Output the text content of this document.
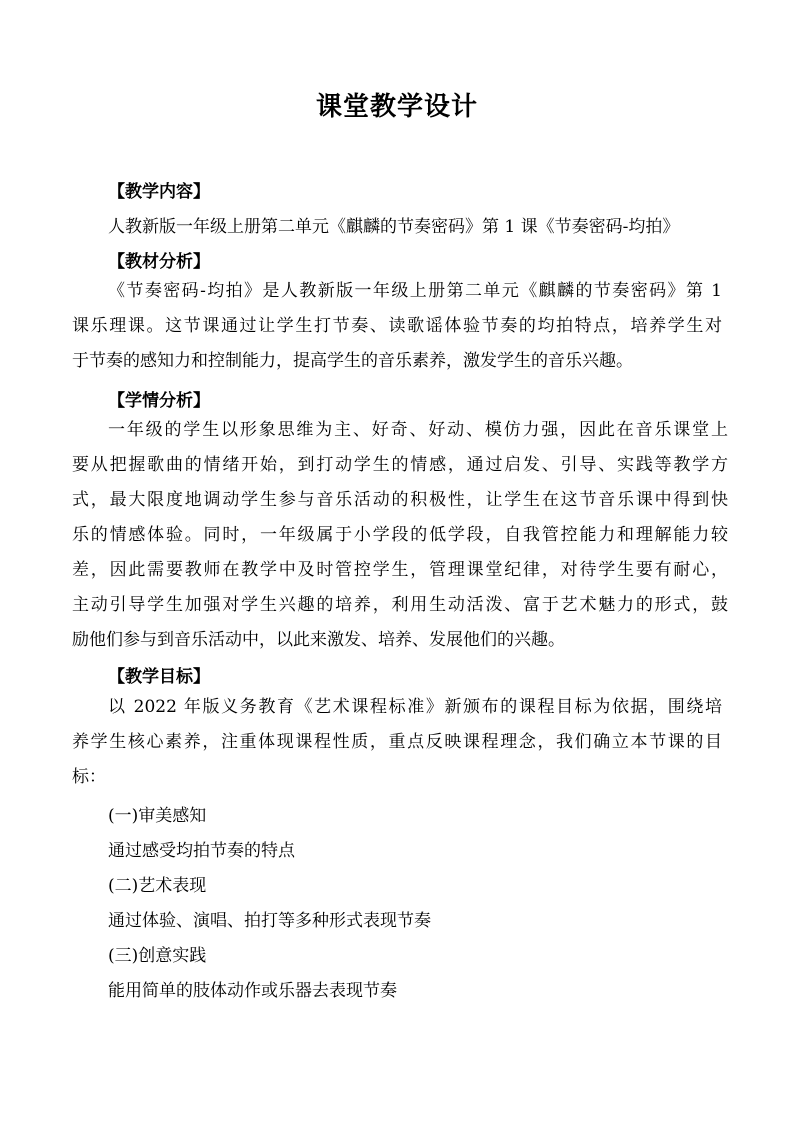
课堂教学设计
【教学内容】
人教新版一年级上册第二单元《麒麟的节奏密码》第 1 课《节奏密码-均拍》
【教材分析】
《节奏密码-均拍》是人教新版一年级上册第二单元《麒麟的节奏密码》第 1
课乐理课。这节课通过让学生打节奏、读歌谣体验节奏的均拍特点，培养学生对
于节奏的感知力和控制能力，提高学生的音乐素养，激发学生的音乐兴趣。
【学情分析】
一年级的学生以形象思维为主、好奇、好动、模仿力强，因此在音乐课堂上
要从把握歌曲的情绪开始，到打动学生的情感，通过启发、引导、实践等教学方
式，最大限度地调动学生参与音乐活动的积极性，让学生在这节音乐课中得到快
乐的情感体验。同时，一年级属于小学段的低学段，自我管控能力和理解能力较
差，因此需要教师在教学中及时管控学生，管理课堂纪律，对待学生要有耐心，
主动引导学生加强对学生兴趣的培养，利用生动活泼、富于艺术魅力的形式，鼓
励他们参与到音乐活动中，以此来激发、培养、发展他们的兴趣。
【教学目标】
以 2022 年版义务教育《艺术课程标准》新颁布的课程目标为依据，围绕培
养学生核心素养，注重体现课程性质，重点反映课程理念，我们确立本节课的目
标：
(一)审美感知
通过感受均拍节奏的特点
(二)艺术表现
通过体验、演唱、拍打等多种形式表现节奏
(三)创意实践
能用简单的肢体动作或乐器去表现节奏
